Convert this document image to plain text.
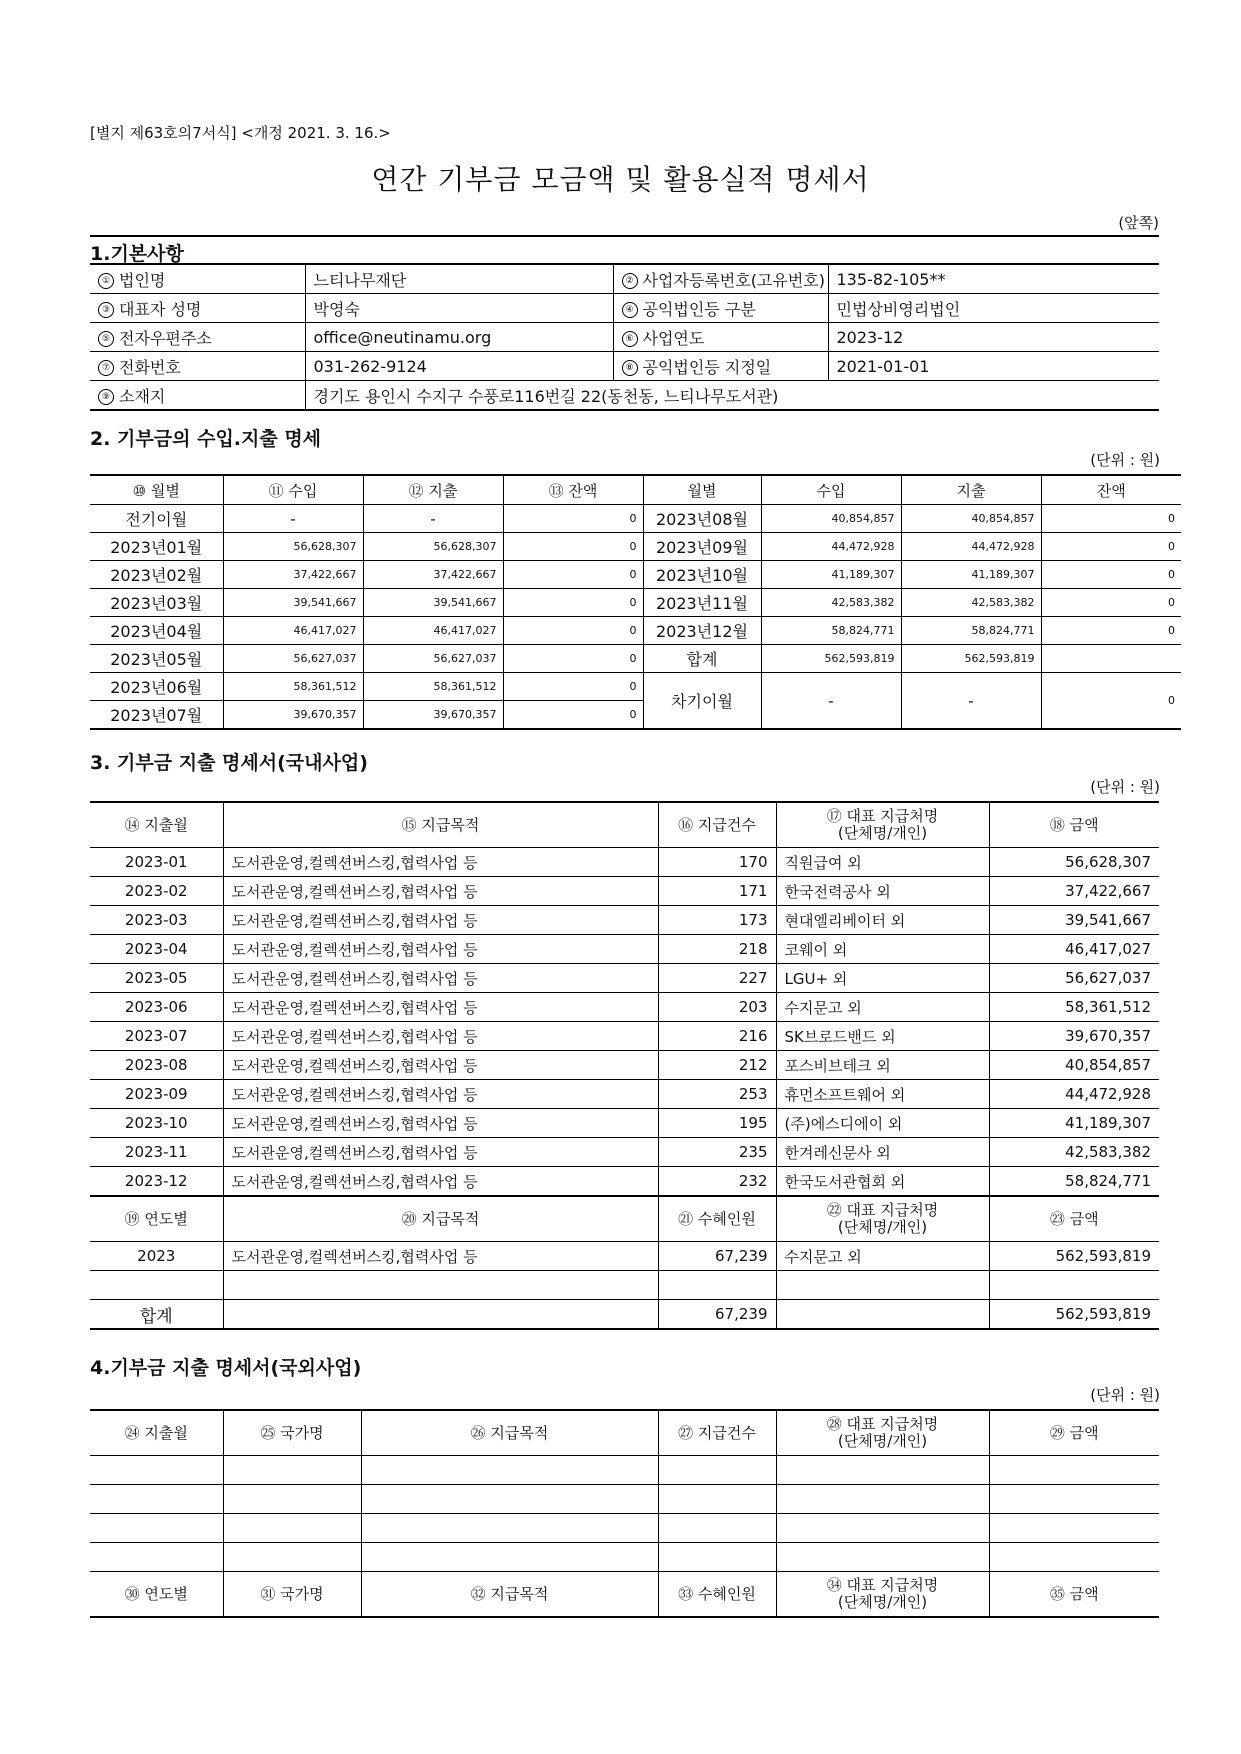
[별지 제63호의7서식] <개정 2021. 3. 16.>
연간 기부금 모금액 및 활용실적 명세서
(앞쪽)
1.기본사항
① 법인명	느티나무재단	② 사업자등록번호(고유번호)	135-82-105**
③ 대표자 성명	박영숙	④ 공익법인등 구분	민법상비영리법인
⑤ 전자우편주소	office@neutinamu.org	⑥ 사업연도	2023-12
⑦ 전화번호	031-262-9124	⑧ 공익법인등 지정일	2021-01-01
⑨ 소재지	경기도 용인시 수지구 수풍로116번길 22(동천동, 느티나무도서관)		
2. 기부금의 수입.지출 명세
(단위 : 원)
⑩ 월별	⑪ 수입	⑫ 지출	⑬ 잔액	월별	수입	지출	잔액
전기이월	-	-	0	2023년08월	40,854,857	40,854,857	0
2023년01월	56,628,307	56,628,307	0	2023년09월	44,472,928	44,472,928	0
2023년02월	37,422,667	37,422,667	0	2023년10월	41,189,307	41,189,307	0
2023년03월	39,541,667	39,541,667	0	2023년11월	42,583,382	42,583,382	0
2023년04월	46,417,027	46,417,027	0	2023년12월	58,824,771	58,824,771	0
2023년05월	56,627,037	56,627,037	0	합계	562,593,819	562,593,819	
2023년06월	58,361,512	58,361,512	0	차기이월	-	-	0
2023년07월	39,670,357	39,670,357	0				
3. 기부금 지출 명세서(국내사업)
(단위 : 원)
⑭ 지출월	⑮ 지급목적	⑯ 지급건수	⑰ 대표 지급처명
(단체명/개인)	⑱ 금액
2023-01	도서관운영,컬렉션버스킹,협력사업 등	170	직원급여 외	56,628,307
2023-02	도서관운영,컬렉션버스킹,협력사업 등	171	한국전력공사 외	37,422,667
2023-03	도서관운영,컬렉션버스킹,협력사업 등	173	현대엘리베이터 외	39,541,667
2023-04	도서관운영,컬렉션버스킹,협력사업 등	218	코웨이 외	46,417,027
2023-05	도서관운영,컬렉션버스킹,협력사업 등	227	LGU+ 외	56,627,037
2023-06	도서관운영,컬렉션버스킹,협력사업 등	203	수지문고 외	58,361,512
2023-07	도서관운영,컬렉션버스킹,협력사업 등	216	SK브로드밴드 외	39,670,357
2023-08	도서관운영,컬렉션버스킹,협력사업 등	212	포스비브테크 외	40,854,857
2023-09	도서관운영,컬렉션버스킹,협력사업 등	253	휴먼소프트웨어 외	44,472,928
2023-10	도서관운영,컬렉션버스킹,협력사업 등	195	(주)에스디에이 외	41,189,307
2023-11	도서관운영,컬렉션버스킹,협력사업 등	235	한겨레신문사 외	42,583,382
2023-12	도서관운영,컬렉션버스킹,협력사업 등	232	한국도서관협회 외	58,824,771
⑲ 연도별	⑳ 지급목적	㉑ 수혜인원	㉒ 대표 지급처명
(단체명/개인)	㉓ 금액
2023	도서관운영,컬렉션버스킹,협력사업 등	67,239	수지문고 외	562,593,819

합계		67,239		562,593,819
4.기부금 지출 명세서(국외사업)
(단위 : 원)
㉔ 지출월	㉕ 국가명	㉖ 지급목적	㉗ 지급건수	㉘ 대표 지급처명
(단체명/개인)	㉙ 금액

㉚ 연도별	㉛ 국가명	㉜ 지급목적	㉝ 수혜인원	㉞ 대표 지급처명
(단체명/개인)	㉟ 금액
